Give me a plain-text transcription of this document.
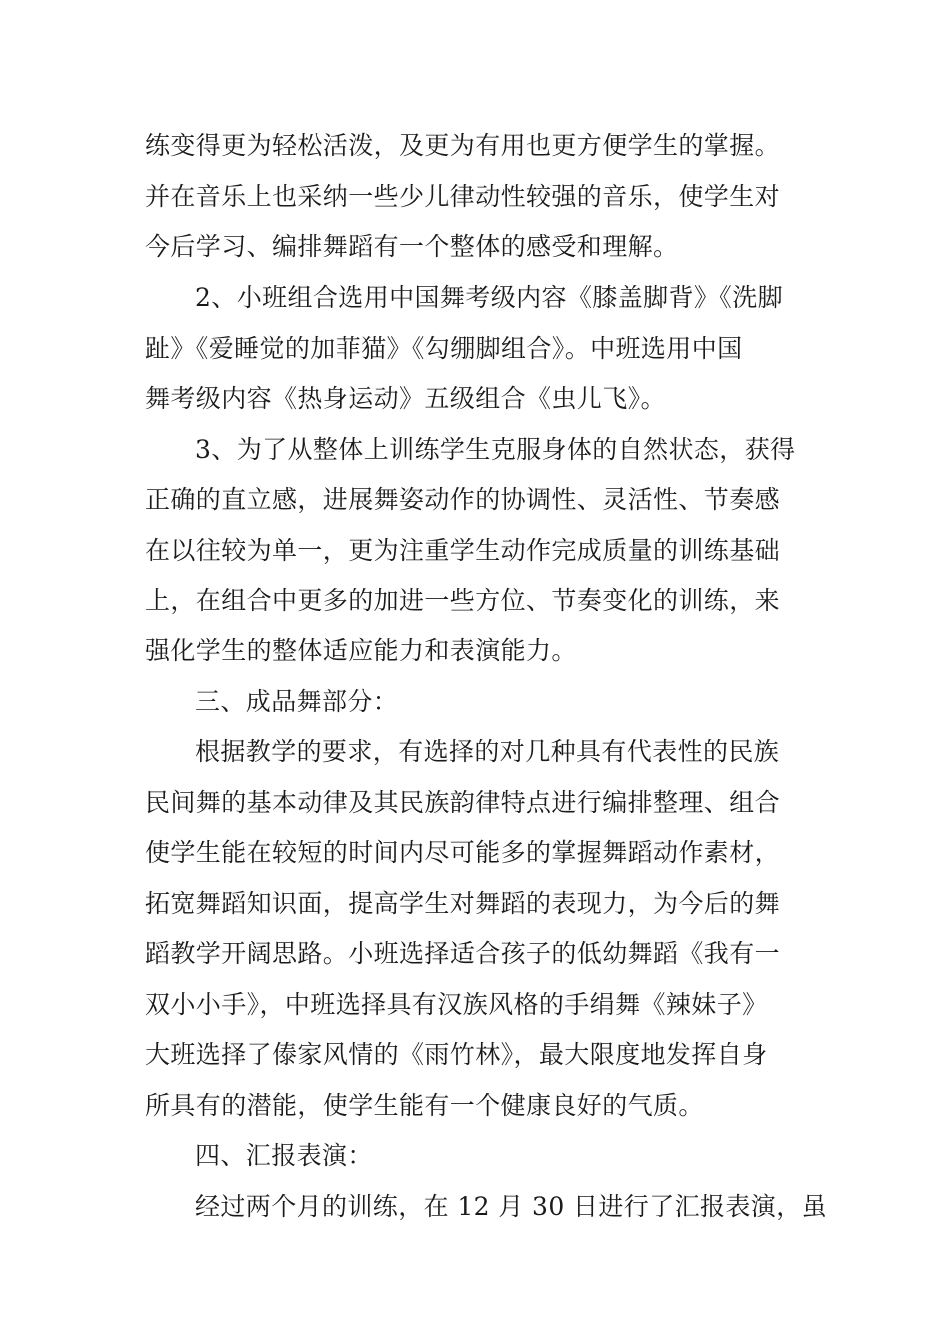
练变得更为轻松活泼，及更为有用也更方便学生的掌握。

并在音乐上也采纳一些少儿律动性较强的音乐，使学生对

今后学习、编排舞蹈有一个整体的感受和理解。

2、小班组合选用中国舞考级内容《膝盖脚背》《洗脚

趾》《爱睡觉的加菲猫》《勾绷脚组合》。中班选用中国

舞考级内容《热身运动》五级组合《虫儿飞》。

3、为了从整体上训练学生克服身体的自然状态，获得

正确的直立感，进展舞姿动作的协调性、灵活性、节奏感

在以往较为单一，更为注重学生动作完成质量的训练基础

上，在组合中更多的加进一些方位、节奏变化的训练，来

强化学生的整体适应能力和表演能力。

三、成品舞部分：

根据教学的要求，有选择的对几种具有代表性的民族

民间舞的基本动律及其民族韵律特点进行编排整理、组合

使学生能在较短的时间内尽可能多的掌握舞蹈动作素材，

拓宽舞蹈知识面，提高学生对舞蹈的表现力，为今后的舞

蹈教学开阔思路。小班选择适合孩子的低幼舞蹈《我有一

双小小手》，中班选择具有汉族风格的手绢舞《辣妹子》

大班选择了傣家风情的《雨竹林》，最大限度地发挥自身

所具有的潜能，使学生能有一个健康良好的气质。

四、汇报表演：

经过两个月的训练，在 12 月 30 日进行了汇报表演，虽
